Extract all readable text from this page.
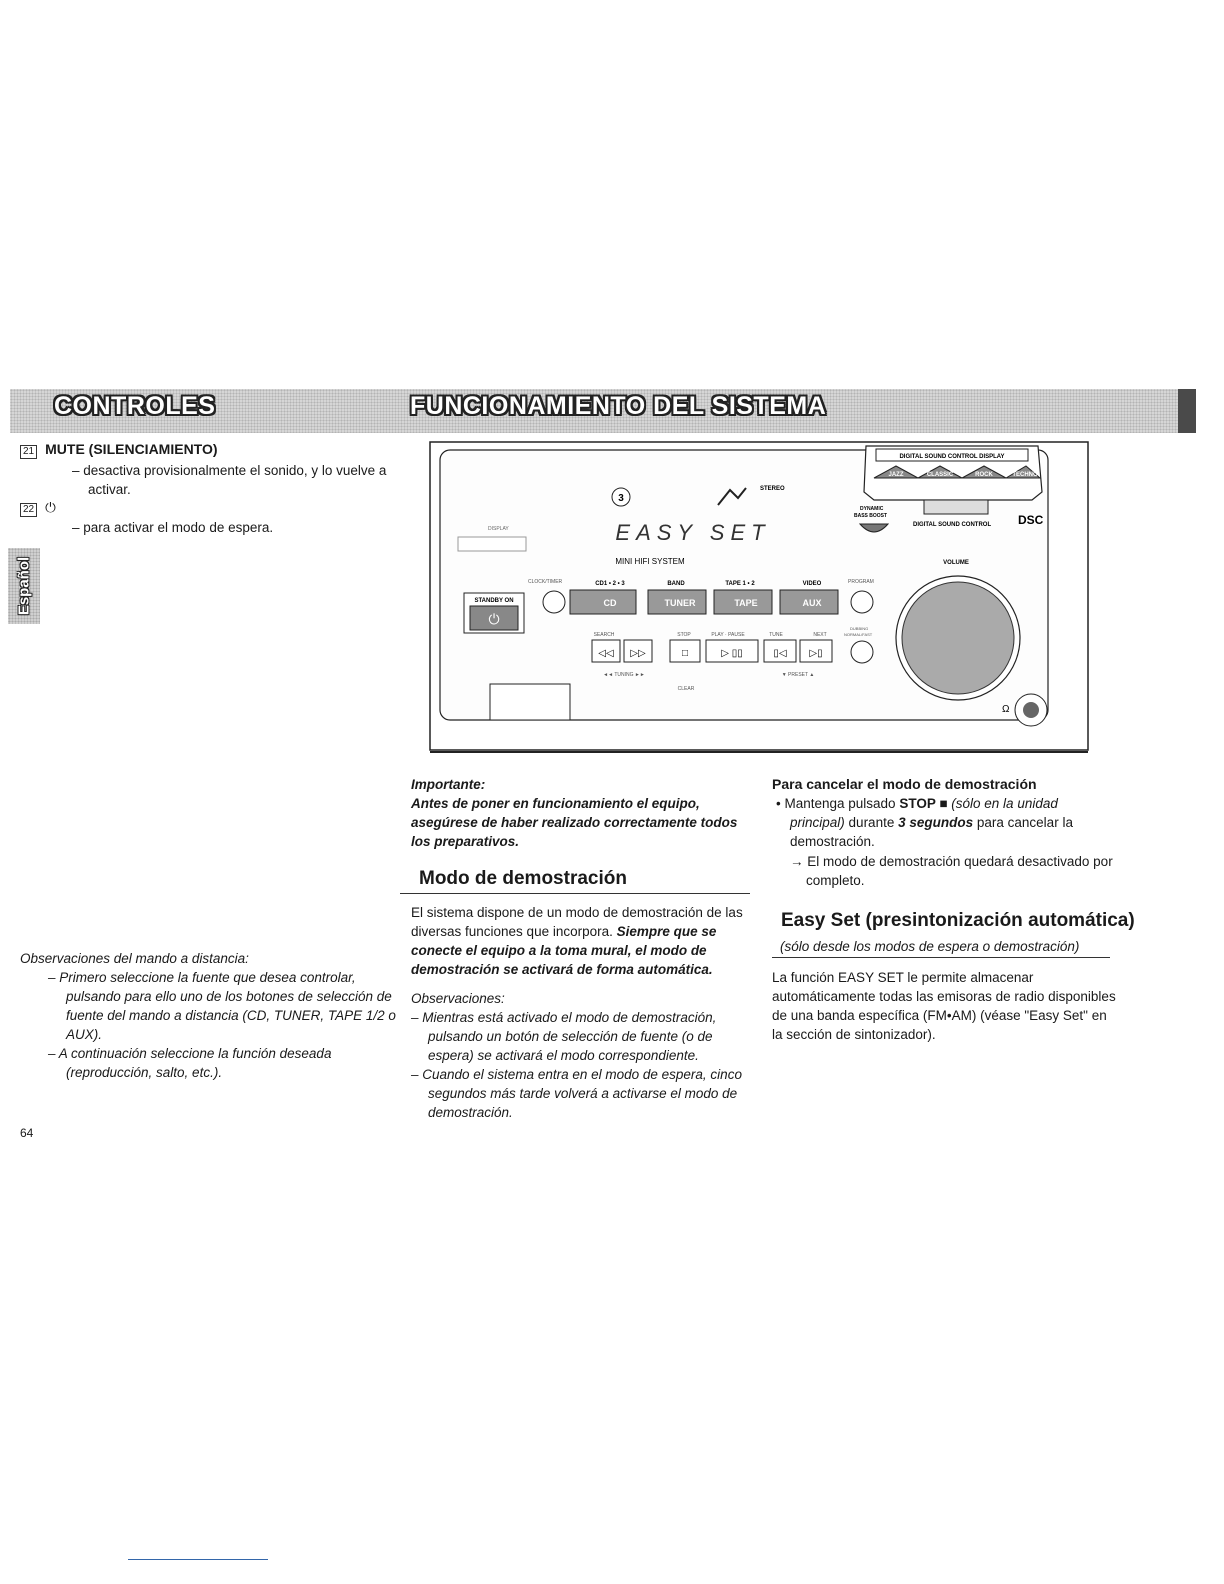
CONTROLES	FUNCIONAMIENTO DEL SISTEMA
Español
21 MUTE (SILENCIAMIENTO)
– desactiva provisionalmente el sonido, y lo vuelve a
activar.
22 ⏻
– para activar el modo de espera.
Observaciones del mando a distancia:
– Primero seleccione la fuente que desea controlar,
pulsando para ello uno de los botones de selección de
fuente del mando a distancia (CD, TUNER, TAPE 1/2 o
AUX).
– A continuación seleccione la función deseada
(reproducción, salto, etc.).
64
DIGITAL SOUND CONTROL DISPLAY
JAZZ	CLASSIC	ROCK	TECHNO
STEREO
3
EASY SET
MINI HIFI SYSTEM
DISPLAY
DYNAMIC
BASS BOOST
DIGITAL SOUND CONTROL DSC
VOLUME
Ω
STANDBY ON
⏻
CLOCK/TIMER	PROGRAM
DUBBING
NORMAL/FAST
CD1 • 2 • 3	BAND	TAPE 1 • 2	VIDEO
CD	TUNER	TAPE	AUX
SEARCH	STOP	PLAY · PAUSE	TUNE	NEXT
◁◁ ▷▷	□	▷ ▯▯	▯◁ ▷▯
◄◄ TUNING ►►
CLEAR
▼ PRESET ▲
Importante:
Antes de poner en funcionamiento el equipo,
asegúrese de haber realizado correctamente todos
los preparativos.
Modo de demostración
El sistema dispone de un modo de demostración de las
diversas funciones que incorpora. Siempre que se
conecte el equipo a la toma mural, el modo de
demostración se activará de forma automática.
Observaciones:
– Mientras está activado el modo de demostración,
pulsando un botón de selección de fuente (o de
espera) se activará el modo correspondiente.
– Cuando el sistema entra en el modo de espera, cinco
segundos más tarde volverá a activarse el modo de
demostración.
Para cancelar el modo de demostración
• Mantenga pulsado STOP ■ (sólo en la unidad
principal) durante 3 segundos para cancelar la
demostración.
→ El modo de demostración quedará desactivado por
completo.
Easy Set (presintonización automática)
(sólo desde los modos de espera o demostración)
La función EASY SET le permite almacenar
automáticamente todas las emisoras de radio disponibles
de una banda específica (FM•AM) (véase "Easy Set" en
la sección de sintonizador).
